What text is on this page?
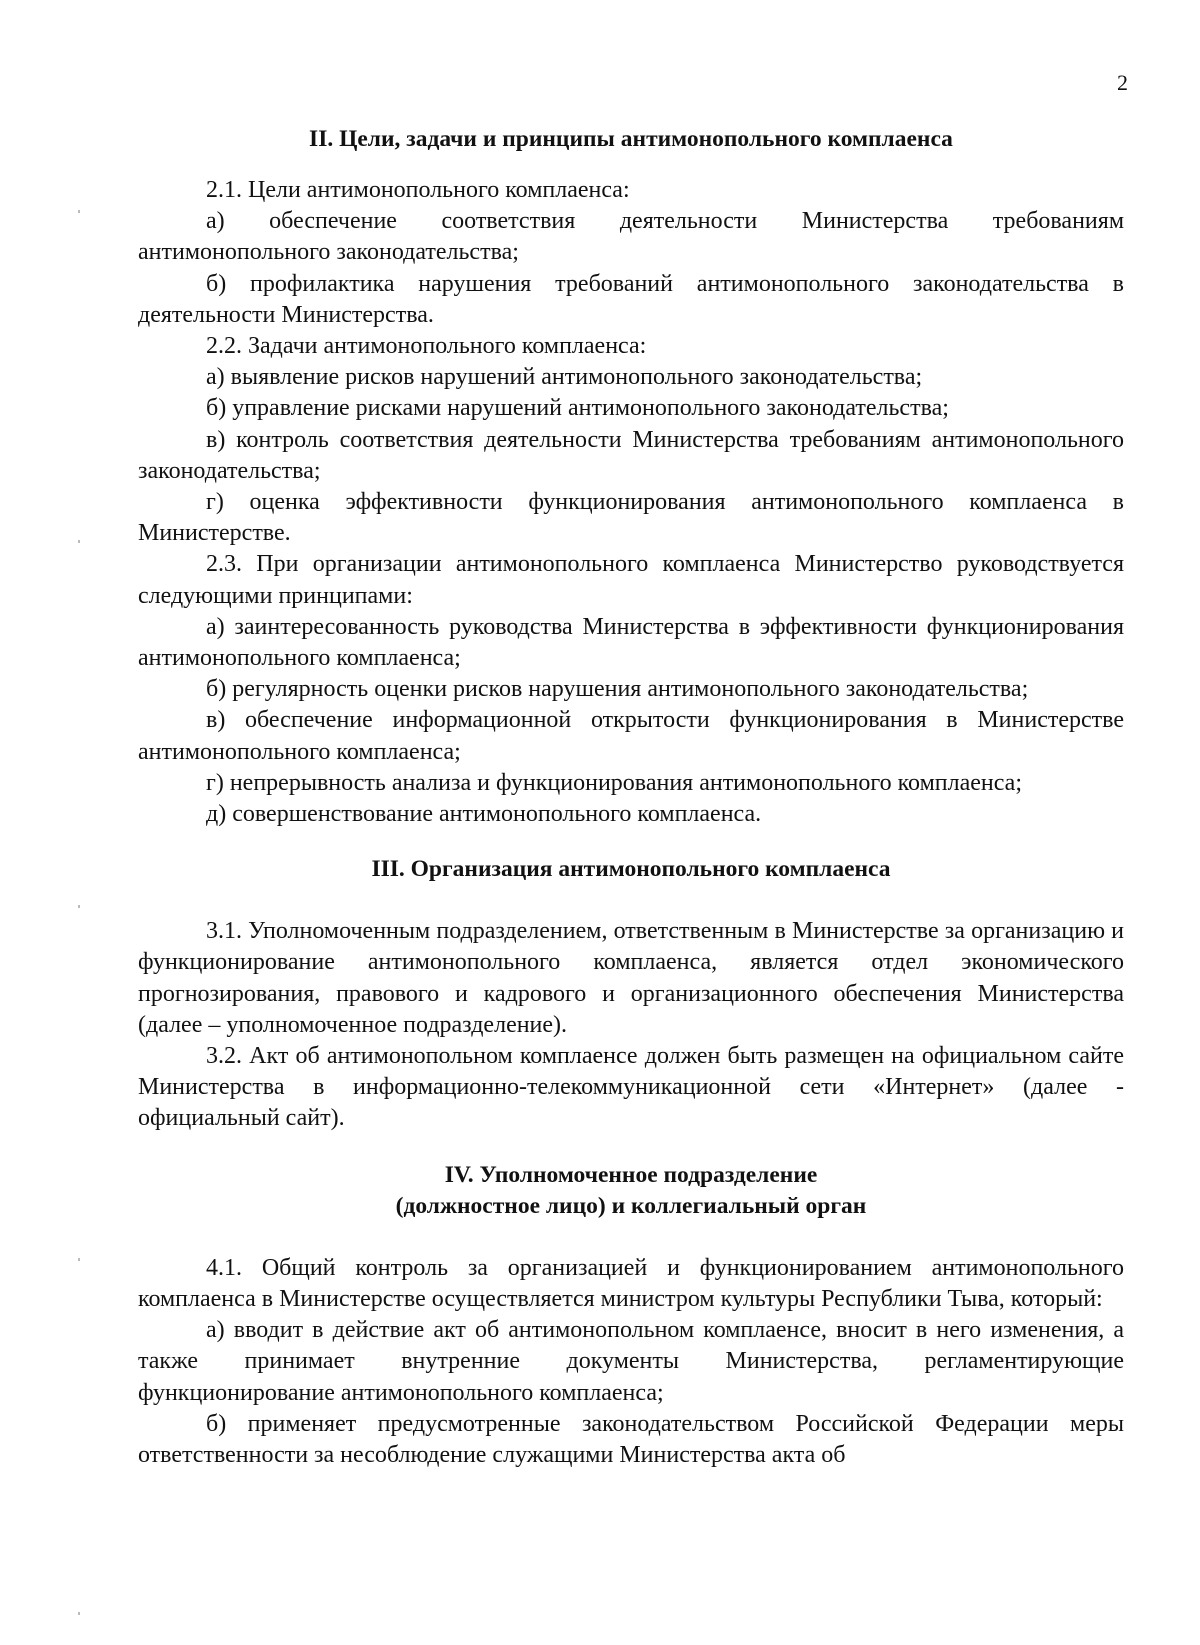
2
II. Цели, задачи и принципы антимонопольного комплаенса

2.1. Цели антимонопольного комплаенса:

а) обеспечение соответствия деятельности Министерства требованиям антимонопольного законодательства;

б) профилактика нарушения требований антимонопольного законодательства в деятельности Министерства.

2.2. Задачи антимонопольного комплаенса:

а) выявление рисков нарушений антимонопольного законодательства;

б) управление рисками нарушений антимонопольного законодательства;

в) контроль соответствия деятельности Министерства требованиям антимонопольного законодательства;

г) оценка эффективности функционирования антимонопольного комплаенса в Министерстве.

2.3. При организации антимонопольного комплаенса Министерство руководствуется следующими принципами:

а) заинтересованность руководства Министерства в эффективности функционирования антимонопольного комплаенса;

б) регулярность оценки рисков нарушения антимонопольного законодательства;

в) обеспечение информационной открытости функционирования в Министерстве антимонопольного комплаенса;

г) непрерывность анализа и функционирования антимонопольного комплаенса;

д) совершенствование антимонопольного комплаенса.

III. Организация антимонопольного комплаенса

3.1. Уполномоченным подразделением, ответственным в Министерстве за организацию и функционирование антимонопольного комплаенса, является отдел экономического прогнозирования, правового и кадрового и организационного обеспечения Министерства (далее – уполномоченное подразделение).

3.2. Акт об антимонопольном комплаенсе должен быть размещен на официальном сайте Министерства в информационно-телекоммуникационной сети «Интернет» (далее - официальный сайт).

IV. Уполномоченное подразделение
(должностное лицо) и коллегиальный орган

4.1. Общий контроль за организацией и функционированием антимонопольного комплаенса в Министерстве осуществляется министром культуры Республики Тыва, который:

а) вводит в действие акт об антимонопольном комплаенсе, вносит в него изменения, а также принимает внутренние документы Министерства, регламентирующие функционирование антимонопольного комплаенса;

б) применяет предусмотренные законодательством Российской Федерации меры ответственности за несоблюдение служащими Министерства акта об
